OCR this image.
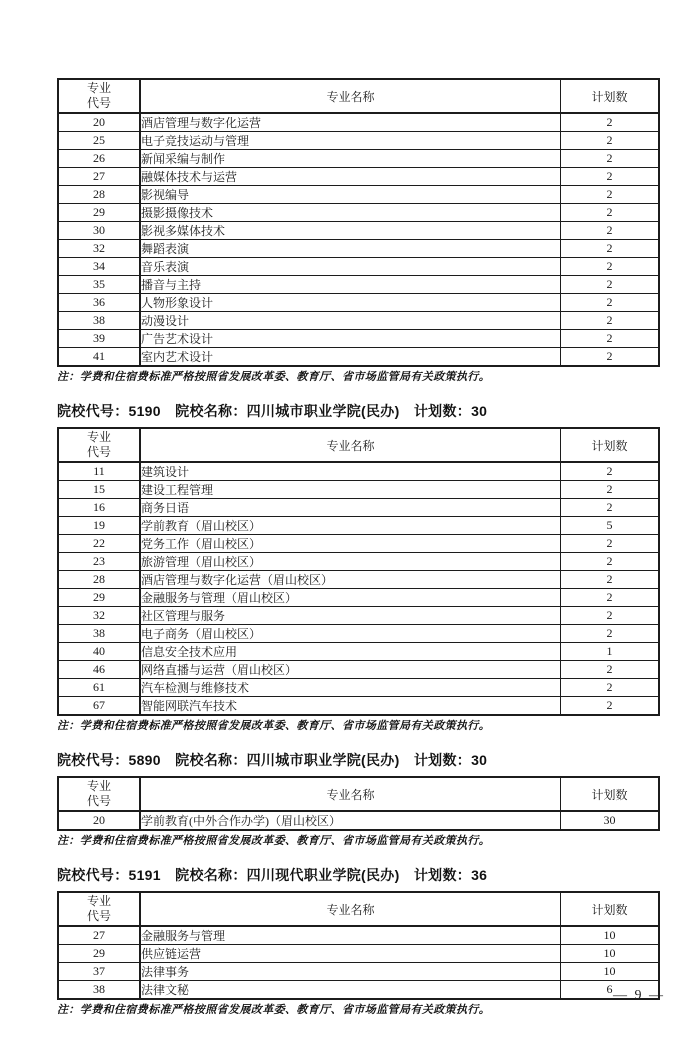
专业
代号	专业名称	计划数
20	酒店管理与数字化运营	2
25	电子竞技运动与管理	2
26	新闻采编与制作	2
27	融媒体技术与运营	2
28	影视编导	2
29	摄影摄像技术	2
30	影视多媒体技术	2
32	舞蹈表演	2
34	音乐表演	2
35	播音与主持	2
36	人物形象设计	2
38	动漫设计	2
39	广告艺术设计	2
41	室内艺术设计	2

注：学费和住宿费标准严格按照省发展改革委、教育厅、省市场监管局有关政策执行。

院校代号：5190　院校名称：四川城市职业学院(民办)　计划数：30
专业
代号	专业名称	计划数
11	建筑设计	2
15	建设工程管理	2
16	商务日语	2
19	学前教育（眉山校区）	5
22	党务工作（眉山校区）	2
23	旅游管理（眉山校区）	2
28	酒店管理与数字化运营（眉山校区）	2
29	金融服务与管理（眉山校区）	2
32	社区管理与服务	2
38	电子商务（眉山校区）	2
40	信息安全技术应用	1
46	网络直播与运营（眉山校区）	2
61	汽车检测与维修技术	2
67	智能网联汽车技术	2

注：学费和住宿费标准严格按照省发展改革委、教育厅、省市场监管局有关政策执行。

院校代号：5890　院校名称：四川城市职业学院(民办)　计划数：30
专业
代号	专业名称	计划数
20	学前教育(中外合作办学)（眉山校区）	30

注：学费和住宿费标准严格按照省发展改革委、教育厅、省市场监管局有关政策执行。

院校代号：5191　院校名称：四川现代职业学院(民办)　计划数：36
专业
代号	专业名称	计划数
27	金融服务与管理	10
29	供应链运营	10
37	法律事务	10
38	法律文秘	6

注：学费和住宿费标准严格按照省发展改革委、教育厅、省市场监管局有关政策执行。

— 9 —
